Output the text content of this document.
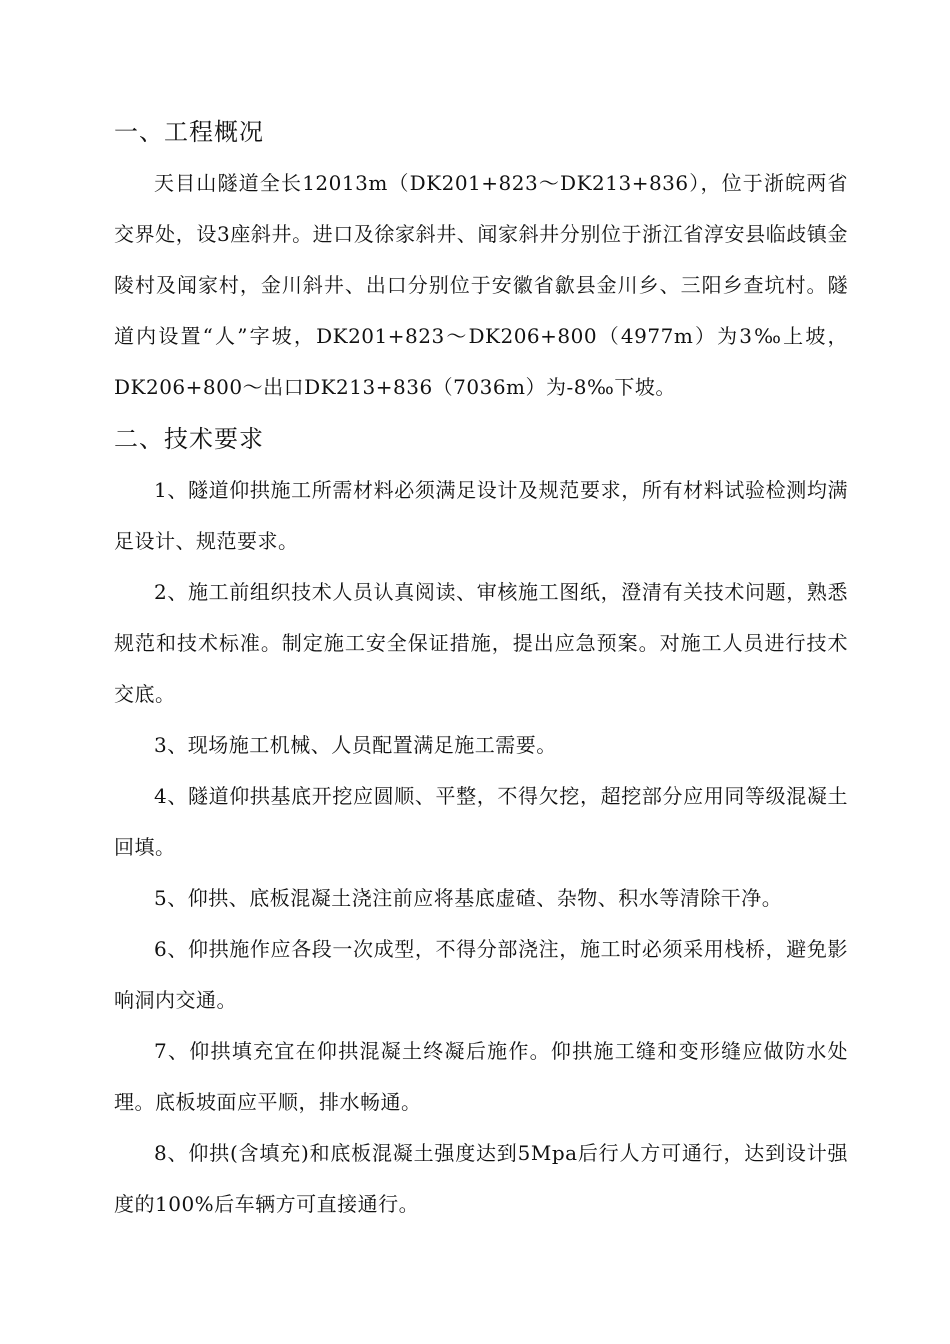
一、工程概况

天目山隧道全长12013m（DK201+823～DK213+836），位于浙皖两省交界处，设3座斜井。进口及徐家斜井、闻家斜井分别位于浙江省淳安县临歧镇金陵村及闻家村，金川斜井、出口分别位于安徽省歙县金川乡、三阳乡查坑村。隧道内设置“人”字坡，DK201+823～DK206+800（4977m）为3‰上坡，DK206+800～出口DK213+836（7036m）为-8‰下坡。

二、技术要求

1、隧道仰拱施工所需材料必须满足设计及规范要求，所有材料试验检测均满足设计、规范要求。

2、施工前组织技术人员认真阅读、审核施工图纸，澄清有关技术问题，熟悉规范和技术标准。制定施工安全保证措施，提出应急预案。对施工人员进行技术交底。

3、现场施工机械、人员配置满足施工需要。

4、隧道仰拱基底开挖应圆顺、平整，不得欠挖，超挖部分应用同等级混凝土回填。

5、仰拱、底板混凝土浇注前应将基底虚碴、杂物、积水等清除干净。

6、仰拱施作应各段一次成型，不得分部浇注，施工时必须采用栈桥，避免影响洞内交通。

7、仰拱填充宜在仰拱混凝土终凝后施作。仰拱施工缝和变形缝应做防水处理。底板坡面应平顺，排水畅通。

8、仰拱(含填充)和底板混凝土强度达到5Mpa后行人方可通行，达到设计强度的100%后车辆方可直接通行。
